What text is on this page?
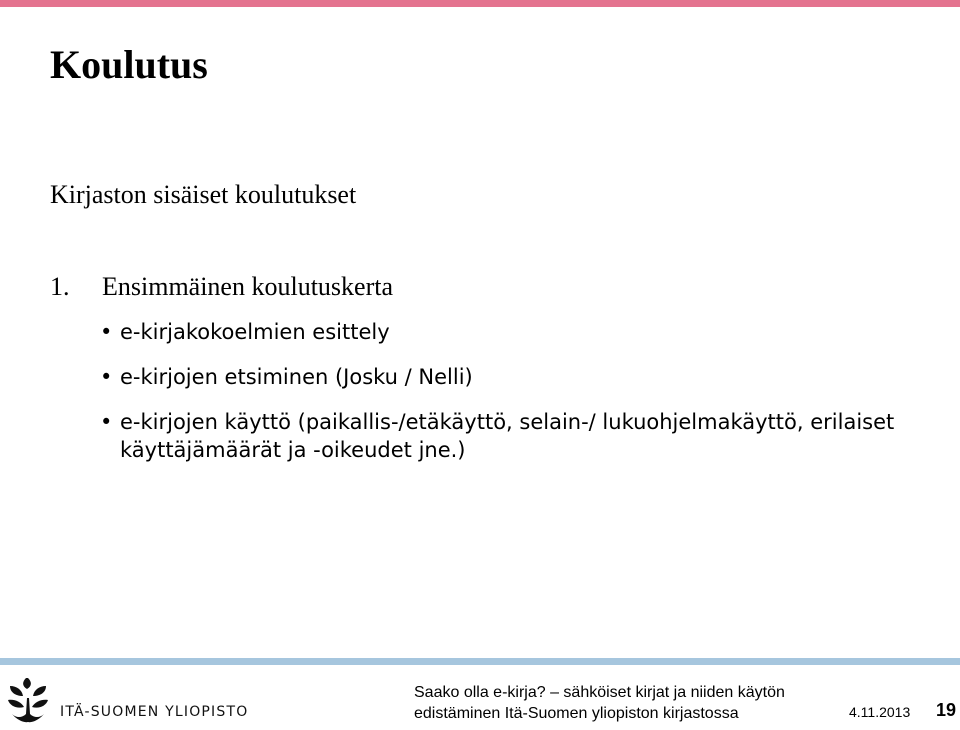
Koulutus
Kirjaston sisäiset koulutukset
1. Ensimmäinen koulutuskerta
• e-kirjakokoelmien esittely
• e-kirjojen etsiminen (Josku / Nelli)
• e-kirjojen käyttö (paikallis-/etäkäyttö, selain-/ lukuohjelmakäyttö, erilaiset käyttäjämäärät ja -oikeudet jne.)
ITÄ-SUOMEN YLIOPISTO
Saako olla e-kirja? – sähköiset kirjat ja niiden käytön
edistäminen Itä-Suomen yliopiston kirjastossa	4.11.2013 19
